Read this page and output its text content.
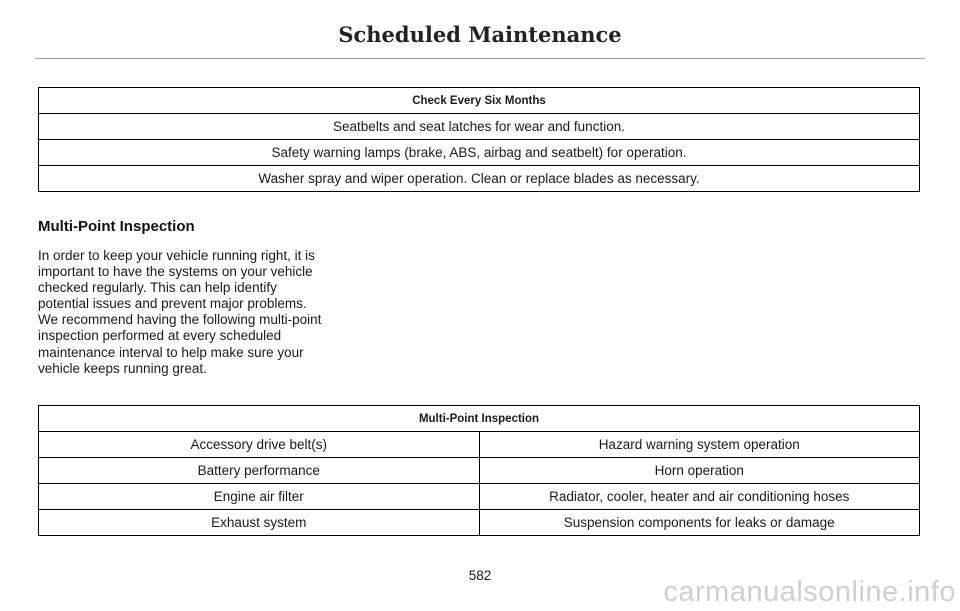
Scheduled Maintenance
Check Every Six Months
Seatbelts and seat latches for wear and function.
Safety warning lamps (brake, ABS, airbag and seatbelt) for operation.
Washer spray and wiper operation. Clean or replace blades as necessary.
Multi-Point Inspection

In order to keep your vehicle running right, it is important to have the systems on your vehicle checked regularly. This can help identify potential issues and prevent major problems. We recommend having the following multi-point inspection performed at every scheduled maintenance interval to help make sure your vehicle keeps running great.

Multi-Point Inspection	
Accessory drive belt(s)	Hazard warning system operation
Battery performance	Horn operation
Engine air filter	Radiator, cooler, heater and air conditioning hoses
Exhaust system	Suspension components for leaks or damage
582
carmanualsonline.info
